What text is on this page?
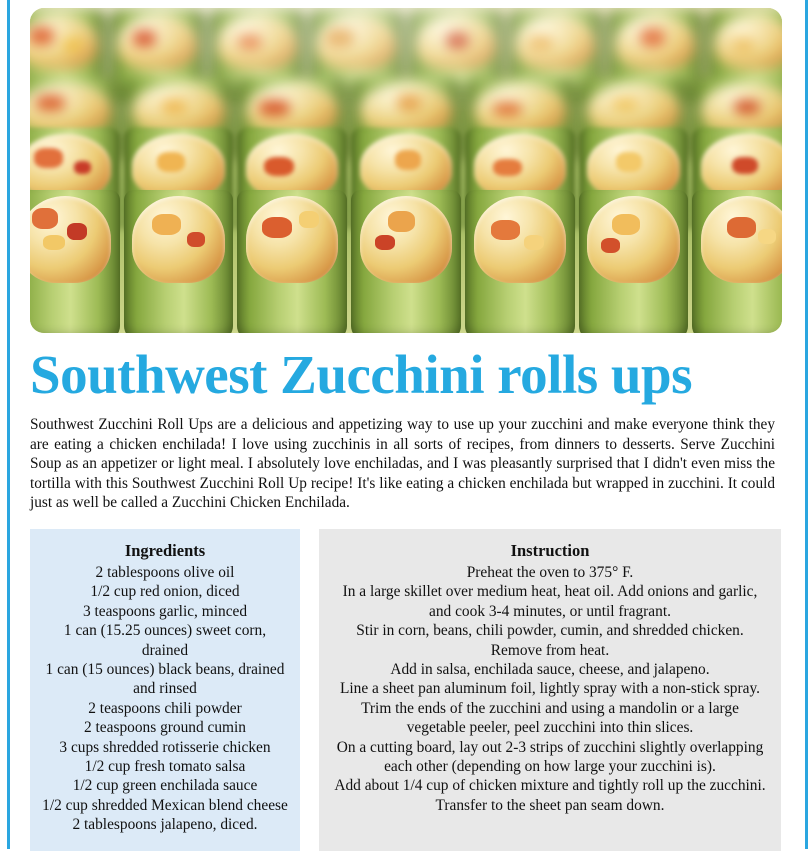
Southwest Zucchini rolls ups

Southwest Zucchini Roll Ups are a delicious and appetizing way to use up your zucchini and make everyone think they are eating a chicken enchilada! I love using zucchinis in all sorts of recipes, from dinners to desserts. Serve Zucchini Soup as an appetizer or light meal. I absolutely love enchiladas, and I was pleasantly surprised that I didn't even miss the tortilla with this Southwest Zucchini Roll Up recipe! It's like eating a chicken enchilada but wrapped in zucchini. It could just as well be called a Zucchini Chicken Enchilada.

Ingredients
2 tablespoons olive oil
1/2 cup red onion, diced
3 teaspoons garlic, minced
1 can (15.25 ounces) sweet corn, drained
1 can (15 ounces) black beans, drained and rinsed
2 teaspoons chili powder
2 teaspoons ground cumin
3 cups shredded rotisserie chicken
1/2 cup fresh tomato salsa
1/2 cup green enchilada sauce
1/2 cup shredded Mexican blend cheese
2 tablespoons jalapeno, diced.
Instruction
Preheat the oven to 375° F.
In a large skillet over medium heat, heat oil. Add onions and garlic, and cook 3-4 minutes, or until fragrant.
Stir in corn, beans, chili powder, cumin, and shredded chicken. Remove from heat.
Add in salsa, enchilada sauce, cheese, and jalapeno.
Line a sheet pan aluminum foil, lightly spray with a non-stick spray.
Trim the ends of the zucchini and using a mandolin or a large vegetable peeler, peel zucchini into thin slices.
On a cutting board, lay out 2-3 strips of zucchini slightly overlapping each other (depending on how large your zucchini is).
Add about 1/4 cup of chicken mixture and tightly roll up the zucchini.
Transfer to the sheet pan seam down.
